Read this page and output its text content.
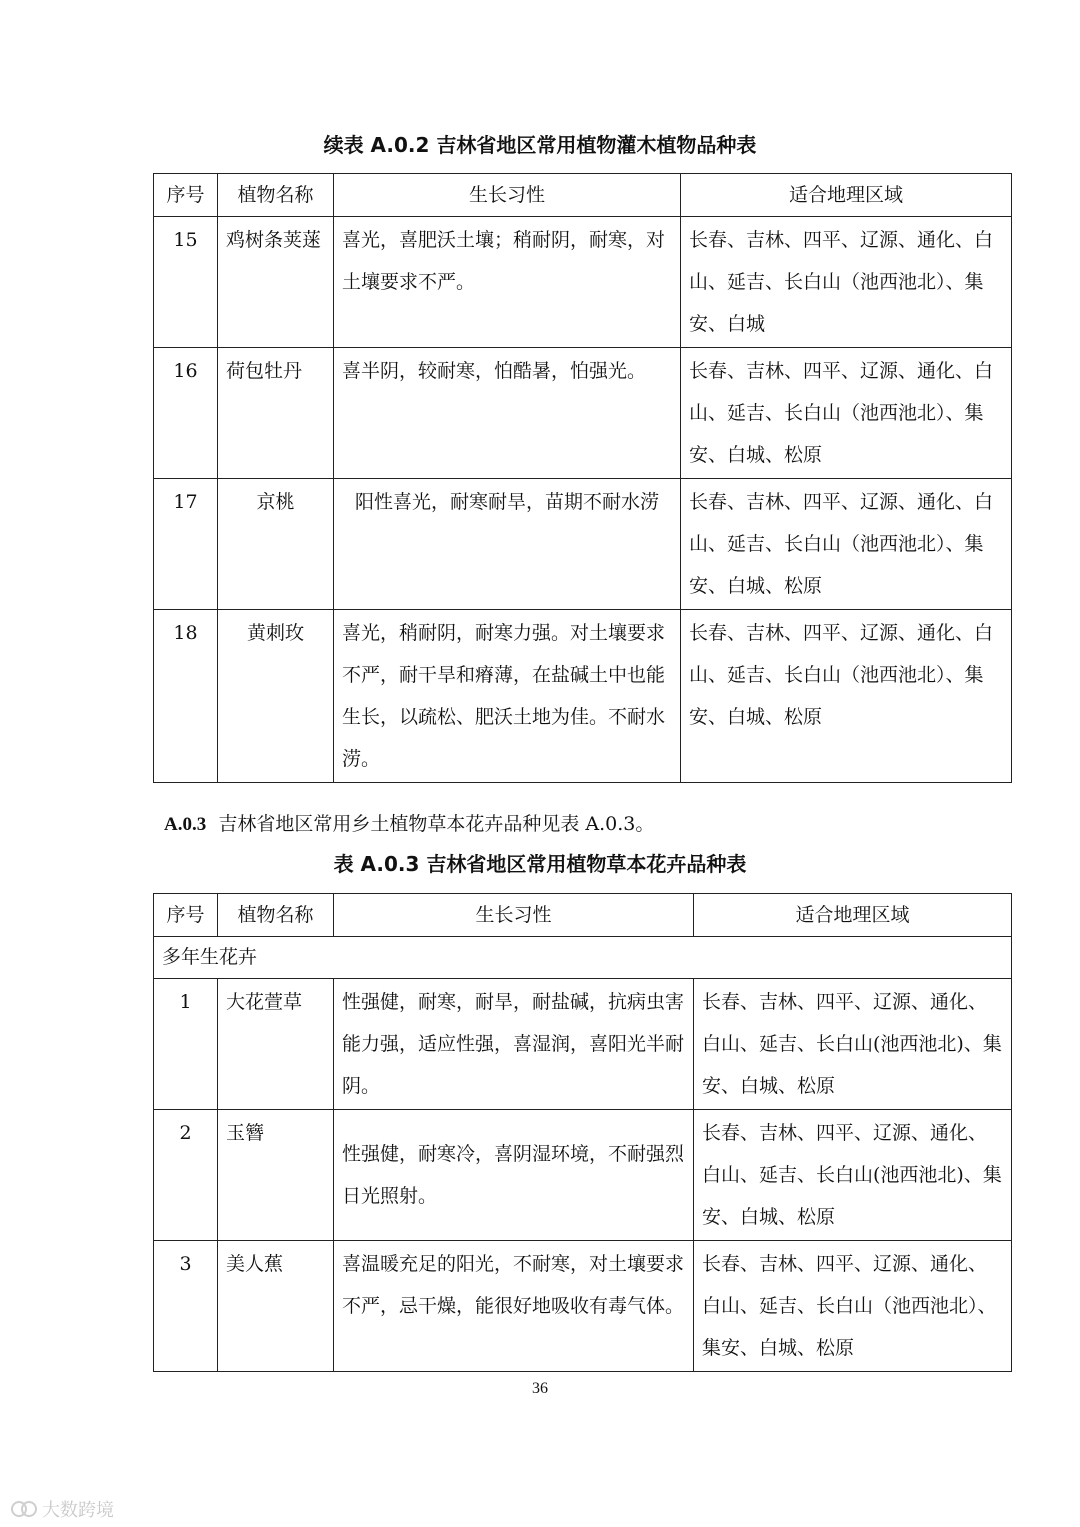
续表 A.0.2 吉林省地区常用植物灌木植物品种表
序号	植物名称	生长习性	适合地理区域
15	鸡树条荚蒾	喜光，喜肥沃土壤；稍耐阴，耐寒，对土壤要求不严。	长春、吉林、四平、辽源、通化、白山、延吉、长白山（池西池北）、集安、白城
16	荷包牡丹	喜半阴，较耐寒，怕酷暑，怕强光。	长春、吉林、四平、辽源、通化、白山、延吉、长白山（池西池北）、集安、白城、松原
17	京桃	阳性喜光，耐寒耐旱，苗期不耐水涝	长春、吉林、四平、辽源、通化、白山、延吉、长白山（池西池北）、集安、白城、松原
18	黄刺玫	喜光，稍耐阴，耐寒力强。对土壤要求不严，耐干旱和瘠薄，在盐碱土中也能生长，以疏松、肥沃土地为佳。不耐水涝。	长春、吉林、四平、辽源、通化、白山、延吉、长白山（池西池北）、集安、白城、松原
A.0.3 吉林省地区常用乡土植物草本花卉品种见表 A.0.3。
表 A.0.3 吉林省地区常用植物草本花卉品种表
序号	植物名称	生长习性	适合地理区域
多年生花卉			
1	大花萱草	性强健，耐寒，耐旱，耐盐碱，抗病虫害能力强，适应性强，喜湿润，喜阳光半耐阴。	长春、吉林、四平、辽源、通化、白山、延吉、长白山(池西池北)、集安、白城、松原
2	玉簪	性强健，耐寒冷，喜阴湿环境，不耐强烈日光照射。	长春、吉林、四平、辽源、通化、白山、延吉、长白山(池西池北)、集安、白城、松原
3	美人蕉	喜温暖充足的阳光，不耐寒，对土壤要求不严，忌干燥，能很好地吸收有毒气体。	长春、吉林、四平、辽源、通化、白山、延吉、长白山（池西池北）、集安、白城、松原
36
大数跨境
